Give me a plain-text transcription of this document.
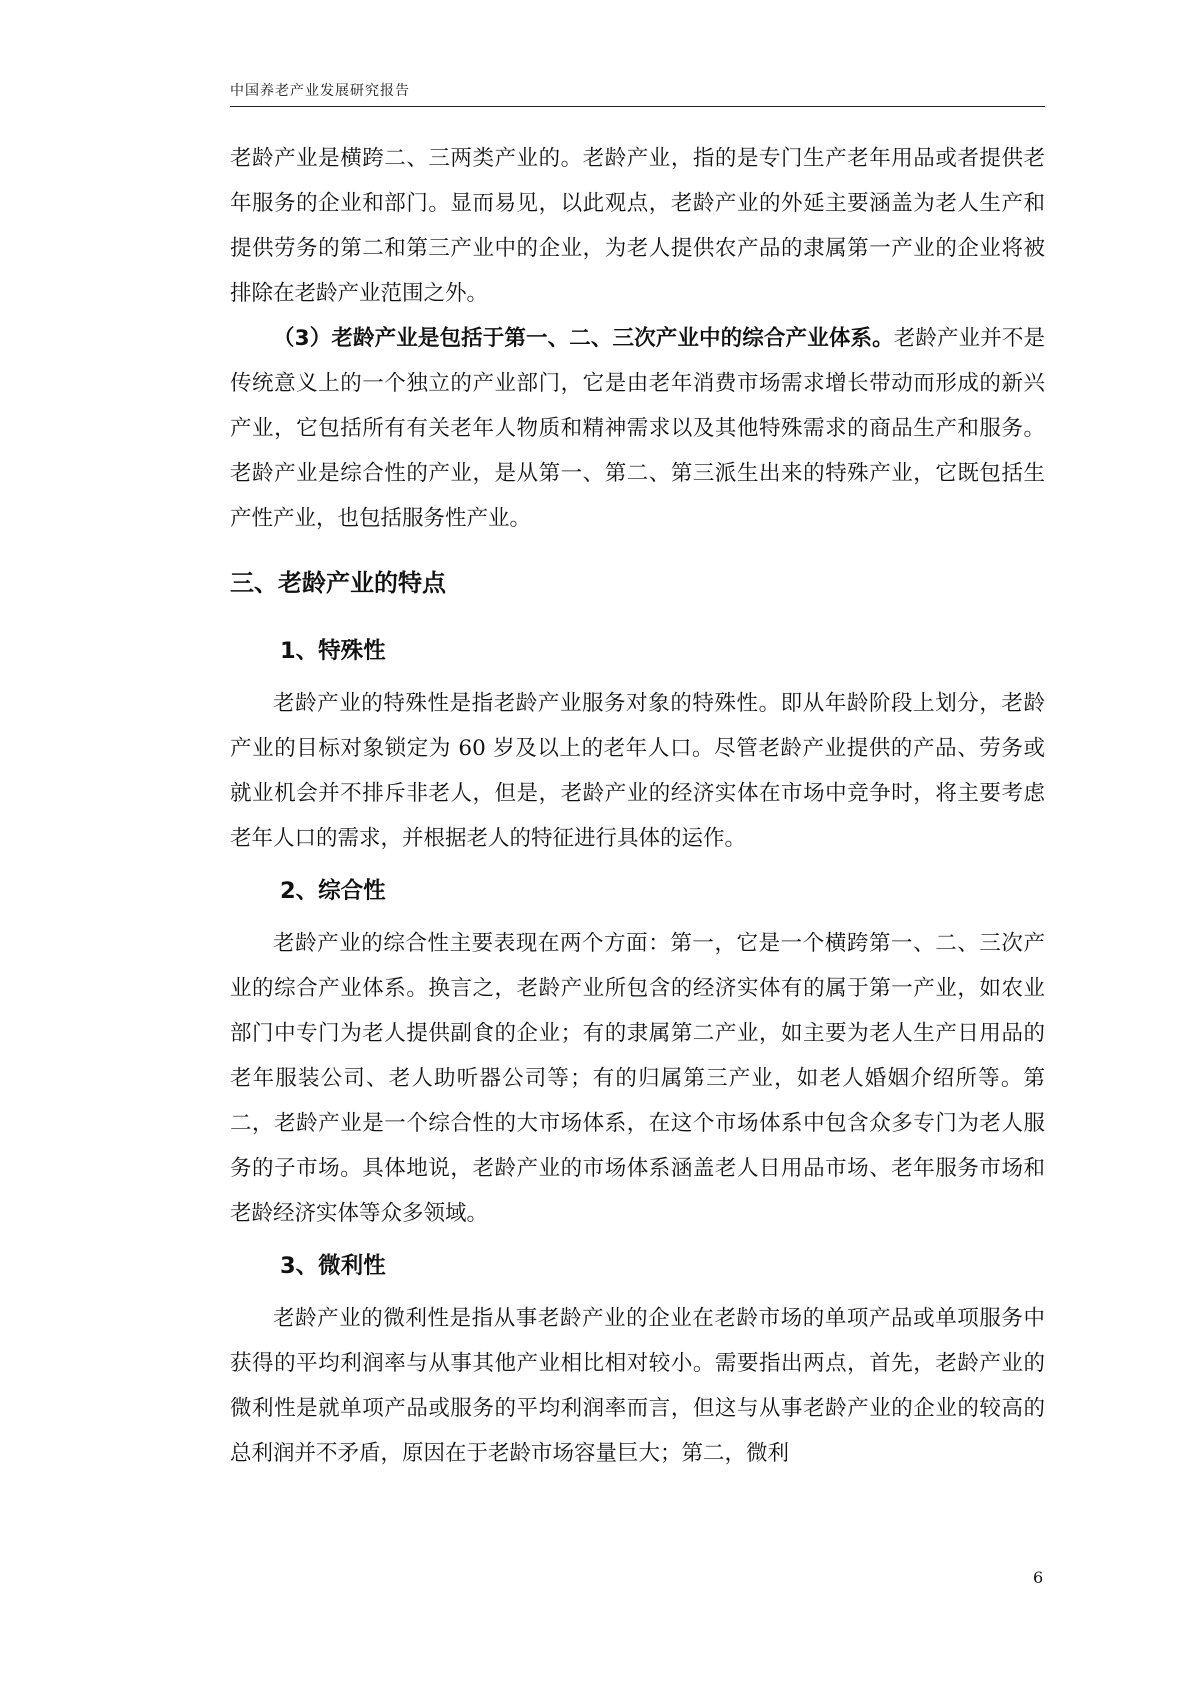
中国养老产业发展研究报告

老龄产业是横跨二、三两类产业的。老龄产业，指的是专门生产老年用品或者提供老年服务的企业和部门。显而易见，以此观点，老龄产业的外延主要涵盖为老人生产和提供劳务的第二和第三产业中的企业，为老人提供农产品的隶属第一产业的企业将被排除在老龄产业范围之外。

（3）老龄产业是包括于第一、二、三次产业中的综合产业体系。老龄产业并不是传统意义上的一个独立的产业部门，它是由老年消费市场需求增长带动而形成的新兴产业，它包括所有有关老年人物质和精神需求以及其他特殊需求的商品生产和服务。老龄产业是综合性的产业，是从第一、第二、第三派生出来的特殊产业，它既包括生产性产业，也包括服务性产业。

三、老龄产业的特点
1、特殊性

老龄产业的特殊性是指老龄产业服务对象的特殊性。即从年龄阶段上划分，老龄产业的目标对象锁定为 60 岁及以上的老年人口。尽管老龄产业提供的产品、劳务或就业机会并不排斥非老人，但是，老龄产业的经济实体在市场中竞争时，将主要考虑老年人口的需求，并根据老人的特征进行具体的运作。

2、综合性

老龄产业的综合性主要表现在两个方面：第一，它是一个横跨第一、二、三次产业的综合产业体系。换言之，老龄产业所包含的经济实体有的属于第一产业，如农业部门中专门为老人提供副食的企业；有的隶属第二产业，如主要为老人生产日用品的老年服装公司、老人助听器公司等；有的归属第三产业，如老人婚姻介绍所等。第二，老龄产业是一个综合性的大市场体系，在这个市场体系中包含众多专门为老人服务的子市场。具体地说，老龄产业的市场体系涵盖老人日用品市场、老年服务市场和老龄经济实体等众多领域。

3、微利性

老龄产业的微利性是指从事老龄产业的企业在老龄市场的单项产品或单项服务中获得的平均利润率与从事其他产业相比相对较小。需要指出两点，首先，老龄产业的微利性是就单项产品或服务的平均利润率而言，但这与从事老龄产业的企业的较高的总利润并不矛盾，原因在于老龄市场容量巨大；第二，微利

6
